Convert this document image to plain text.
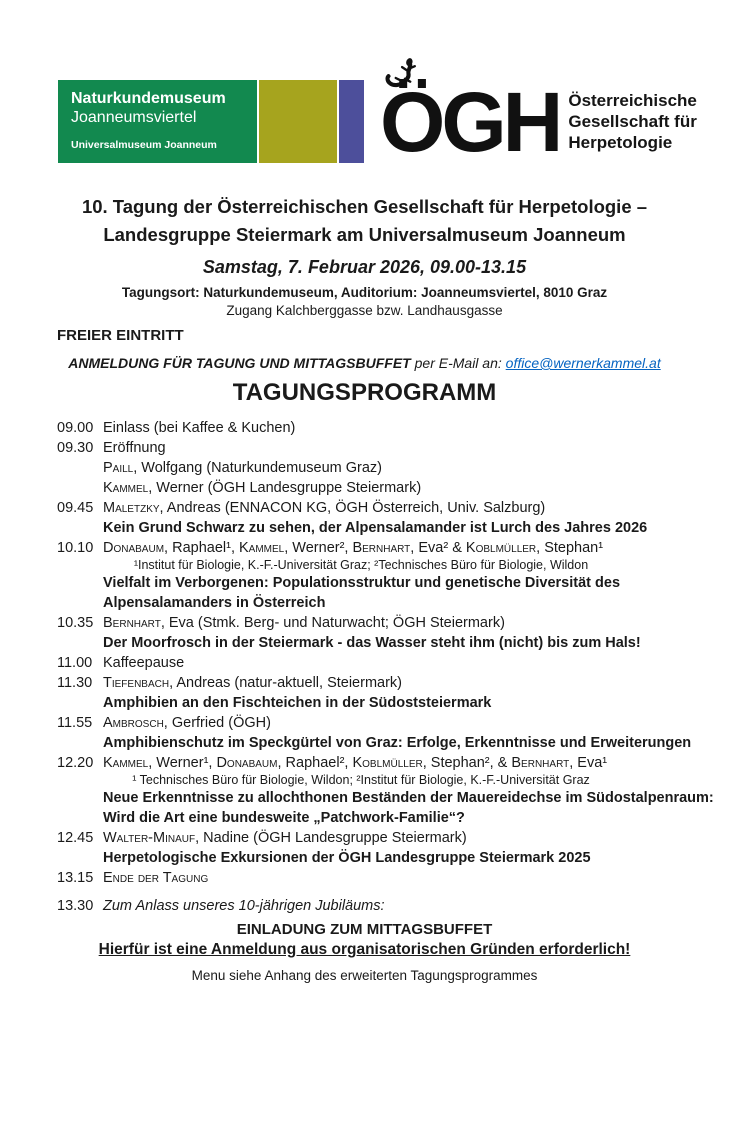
Naturkundemuseum
Joanneumsviertel
Universalmuseum Joanneum	ÖGH Österreichische
Gesellschaft für
Herpetologie
10. Tagung der Österreichischen Gesellschaft für Herpetologie –
Landesgruppe Steiermark am Universalmuseum Joanneum
Samstag, 7. Februar 2026, 09.00-13.15
Tagungsort: Naturkundemuseum, Auditorium: Joanneumsviertel, 8010 Graz
Zugang Kalchberggasse bzw. Landhausgasse
FREIER EINTRITT
ANMELDUNG FÜR TAGUNG UND MITTAGSBUFFET per E-Mail an: office@wernerkammel.at
TAGUNGSPROGRAMM
09.00 Einlass (bei Kaffee & Kuchen)
09.30 Eröffnung
Paill, Wolfgang (Naturkundemuseum Graz)
Kammel, Werner (ÖGH Landesgruppe Steiermark)
09.45 Maletzky, Andreas (ENNACON KG, ÖGH Österreich, Univ. Salzburg)
Kein Grund Schwarz zu sehen, der Alpensalamander ist Lurch des Jahres 2026
10.10 Donabaum, Raphael¹, Kammel, Werner², Bernhart, Eva² & Koblmüller, Stephan¹
¹Institut für Biologie, K.-F.-Universität Graz; ²Technisches Büro für Biologie, Wildon
Vielfalt im Verborgenen: Populationsstruktur und genetische Diversität des
Alpensalamanders in Österreich
10.35 Bernhart, Eva (Stmk. Berg- und Naturwacht; ÖGH Steiermark)
Der Moorfrosch in der Steiermark - das Wasser steht ihm (nicht) bis zum Hals!
11.00 Kaffeepause
11.30 Tiefenbach, Andreas (natur-aktuell, Steiermark)
Amphibien an den Fischteichen in der Südoststeiermark
11.55 Ambrosch, Gerfried (ÖGH)
Amphibienschutz im Speckgürtel von Graz: Erfolge, Erkenntnisse und Erweiterungen
12.20 Kammel, Werner¹, Donabaum, Raphael², Koblmüller, Stephan², & Bernhart, Eva¹
¹ Technisches Büro für Biologie, Wildon; ²Institut für Biologie, K.-F.-Universität Graz
Neue Erkenntnisse zu allochthonen Beständen der Mauereidechse im Südostalpenraum:
Wird die Art eine bundesweite „Patchwork-Familie“?
12.45 Walter-Minauf, Nadine (ÖGH Landesgruppe Steiermark)
Herpetologische Exkursionen der ÖGH Landesgruppe Steiermark 2025
13.15 Ende der Tagung
13.30 Zum Anlass unseres 10-jährigen Jubiläums:
EINLADUNG ZUM MITTAGSBUFFET
Hierfür ist eine Anmeldung aus organisatorischen Gründen erforderlich!
Menu siehe Anhang des erweiterten Tagungsprogrammes
